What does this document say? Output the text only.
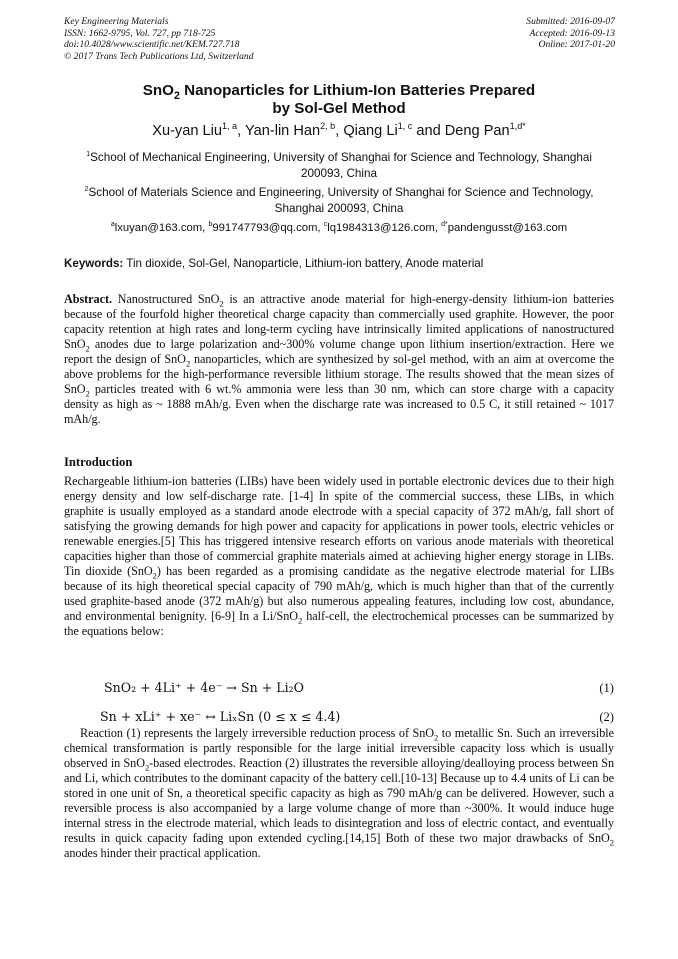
Key Engineering Materials
ISSN: 1662-9795, Vol. 727, pp 718-725
doi:10.4028/www.scientific.net/KEM.727.718
© 2017 Trans Tech Publications Ltd, Switzerland
Submitted: 2016-09-07
Accepted: 2016-09-13
Online: 2017-01-20
SnO$_2$ Nanoparticles for Lithium-Ion Batteries Prepared
by Sol-Gel Method
Xu-yan Liu$^{1, a}$, Yan-lin Han$^{2, b}$, Qiang Li$^{1, c}$ and Deng Pan$^{1,d*}$
$^1$School of Mechanical Engineering, University of Shanghai for Science and Technology, Shanghai 200093, China
$^2$School of Materials Science and Engineering, University of Shanghai for Science and Technology, Shanghai 200093, China
$^a$lxuyan@163.com, $^b$991747793@qq.com, $^c$lq1984313@126.com, $^{d*}$pandengusst@163.com
Keywords: Tin dioxide, Sol-Gel, Nanoparticle, Lithium-ion battery, Anode material
Abstract. Nanostructured SnO$_2$ is an attractive anode material for high-energy-density lithium-ion batteries because of the fourfold higher theoretical charge capacity than commercially used graphite. However, the poor capacity retention at high rates and long-term cycling have intrinsically limited applications of nanostructured SnO$_2$ anodes due to large polarization and~300% volume change upon lithium insertion/extraction. Here we report the design of SnO$_2$ nanoparticles, which are synthesized by sol-gel method, with an aim at overcome the above problems for the high-performance reversible lithium storage. The results showed that the mean sizes of SnO$_2$ particles treated with 6 wt.% ammonia were less than 30 nm, which can store charge with a capacity density as high as ~ 1888 mAh/g. Even when the discharge rate was increased to 0.5 C, it still retained ~ 1017 mAh/g.
Introduction
Rechargeable lithium-ion batteries (LIBs) have been widely used in portable electronic devices due to their high energy density and low self-discharge rate. [1-4] In spite of the commercial success, these LIBs, in which graphite is usually employed as a standard anode electrode with a special capacity of 372 mAh/g, fall short of satisfying the growing demands for high power and capacity for applications in power tools, electric vehicles or renewable energies.[5] This has triggered intensive research efforts on various anode materials with theoretical capacities higher than those of commercial graphite materials aimed at achieving higher energy storage in LIBs. Tin dioxide (SnO$_2$) has been regarded as a promising candidate as the negative electrode material for LIBs because of its high theoretical special capacity of 790 mAh/g, which is much higher than that of the currently used graphite-based anode (372 mAh/g) but also numerous appealing features, including low cost, abundance, and environmental benignity. [6-9] In a Li/SnO$_2$ half-cell, the electrochemical processes can be summarized by the equations below:
SnO₂ + 4Li⁺ + 4e⁻ → Sn + Li₂O	(1)
Sn + xLi⁺ + xe⁻ ↔ LiₓSn (0 ≤ x ≤ 4.4)	(2)
Reaction (1) represents the largely irreversible reduction process of SnO$_2$ to metallic Sn. Such an irreversible chemical transformation is partly responsible for the large initial irreversible capacity loss which is usually observed in SnO$_2$-based electrodes. Reaction (2) illustrates the reversible alloying/dealloying process between Sn and Li, which contributes to the dominant capacity of the battery cell.[10-13] Because up to 4.4 units of Li can be stored in one unit of Sn, a theoretical specific capacity as high as 790 mAh/g can be delivered. However, such a reversible process is also accompanied by a large volume change of more than ~300%. It would induce huge internal stress in the electrode material, which leads to disintegration and loss of electric contact, and eventually results in quick capacity fading upon extended cycling.[14,15] Both of these two major drawbacks of SnO$_2$ anodes hinder their practical application.
